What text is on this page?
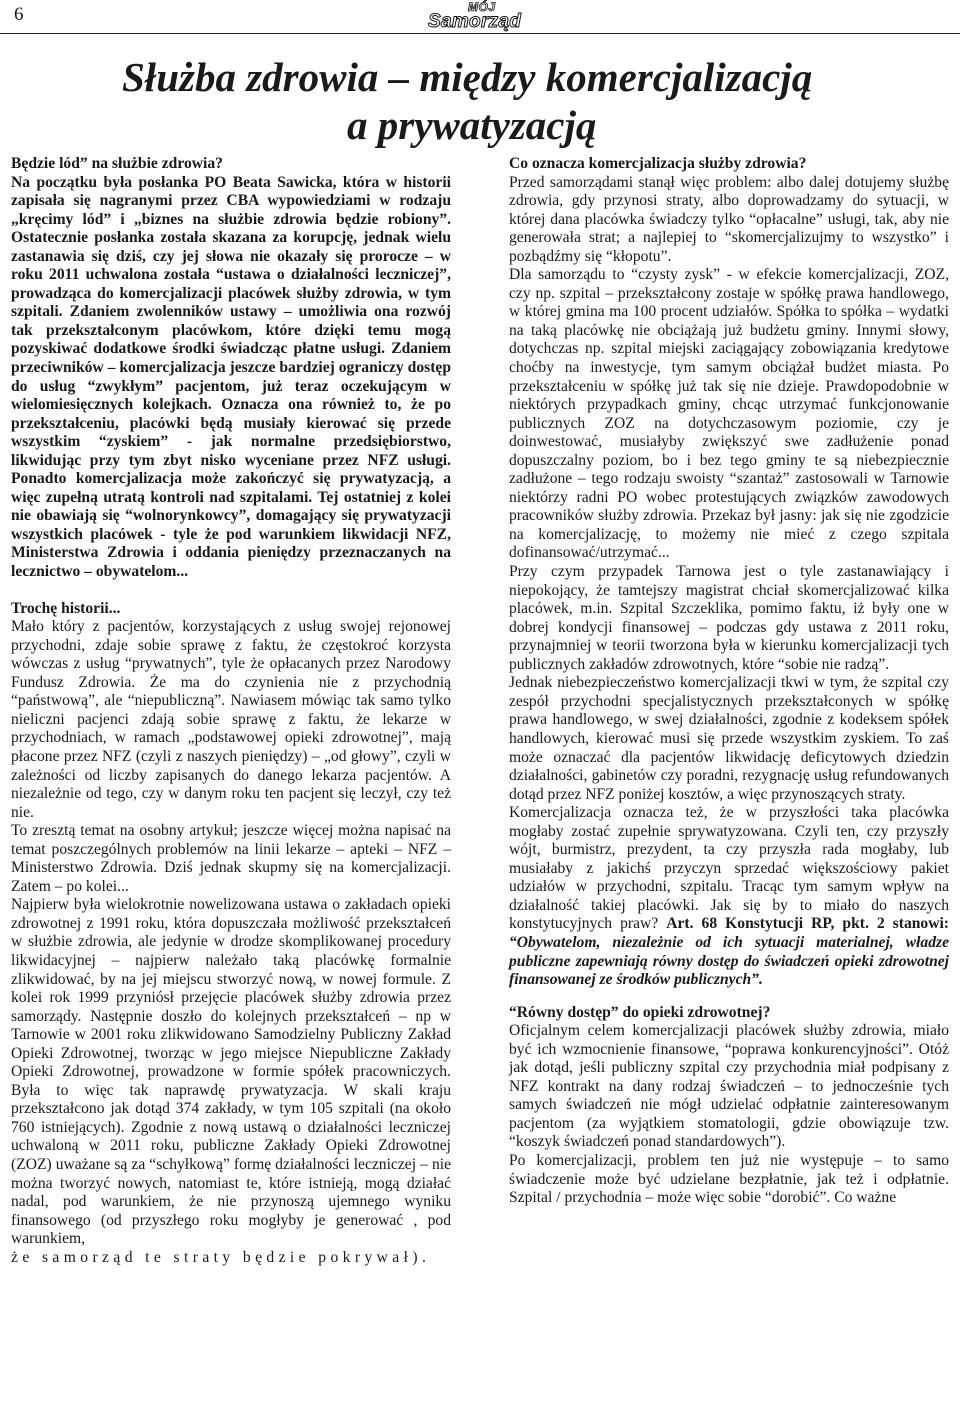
6	MÓJ
Samorząd
Służba zdrowia – między komercjalizacją
a prywatyzacją

Będzie lód” na służbie zdrowia?

Na początku była posłanka PO Beata Sawicka, która w historii zapisała się nagranymi przez CBA wypowiedziami w rodzaju „kręcimy lód” i „biznes na służbie zdrowia będzie robiony”. Ostatecznie posłanka została skazana za korupcję, jednak wielu zastanawia się dziś, czy jej słowa nie okazały się prorocze – w roku 2011 uchwalona została “ustawa o działalności leczniczej”, prowadząca do komercjalizacji placówek służby zdrowia, w tym szpitali. Zdaniem zwolenników ustawy – umożliwia ona rozwój tak przekształconym placówkom, które dzięki temu mogą pozyskiwać dodatkowe środki świadcząc płatne usługi. Zdaniem przeciwników – komercjalizacja jeszcze bardziej ograniczy dostęp do usług “zwykłym” pacjentom, już teraz oczekującym w wielomiesięcznych kolejkach. Oznacza ona również to, że po przekształceniu, placówki będą musiały kierować się przede wszystkim “zyskiem” - jak normalne przedsiębiorstwo, likwidując przy tym zbyt nisko wyceniane przez NFZ usługi. Ponadto komercjalizacja może zakończyć się prywatyzacją, a więc zupełną utratą kontroli nad szpitalami. Tej ostatniej z kolei nie obawiają się “wolnorynkowcy”, domagający się prywatyzacji wszystkich placówek - tyle że pod warunkiem likwidacji NFZ, Ministerstwa Zdrowia i oddania pieniędzy przeznaczanych na lecznictwo – obywatelom...

Trochę historii...

Mało który z pacjentów, korzystających z usług swojej rejonowej przychodni, zdaje sobie sprawę z faktu, że częstokroć korzysta wówczas z usług “prywatnych”, tyle że opłacanych przez Narodowy Fundusz Zdrowia. Że ma do czynienia nie z przychodnią “państwową”, ale “niepubliczną”. Nawiasem mówiąc tak samo tylko nieliczni pacjenci zdają sobie sprawę z faktu, że lekarze w przychodniach, w ramach „podstawowej opieki zdrowotnej”, mają płacone przez NFZ (czyli z naszych pieniędzy) – „od głowy”, czyli w zależności od liczby zapisanych do danego lekarza pacjentów. A niezależnie od tego, czy w danym roku ten pacjent się leczył, czy też nie.

To zresztą temat na osobny artykuł; jeszcze więcej można napisać na temat poszczególnych problemów na linii lekarze – apteki – NFZ – Ministerstwo Zdrowia. Dziś jednak skupmy się na komercjalizacji. Zatem – po kolei...

Najpierw była wielokrotnie nowelizowana ustawa o zakładach opieki zdrowotnej z 1991 roku, która dopuszczała możliwość przekształceń w służbie zdrowia, ale jedynie w drodze skomplikowanej procedury likwidacyjnej – najpierw należało taką placówkę formalnie zlikwidować, by na jej miejscu stworzyć nową, w nowej formule. Z kolei rok 1999 przyniósł przejęcie placówek służby zdrowia przez samorządy. Następnie doszło do kolejnych przekształceń – np w Tarnowie w 2001 roku zlikwidowano Samodzielny Publiczny Zakład Opieki Zdrowotnej, tworząc w jego miejsce Niepubliczne Zakłady Opieki Zdrowotnej, prowadzone w formie spółek pracowniczych. Była to więc tak naprawdę prywatyzacja. W skali kraju przekształcono jak dotąd 374 zakłady, w tym 105 szpitali (na około 760 istniejących). Zgodnie z nową ustawą o działalności leczniczej uchwaloną w 2011 roku, publiczne Zakłady Opieki Zdrowotnej (ZOZ) uważane są za “schyłkową” formę działalności leczniczej – nie można tworzyć nowych, natomiast te, które istnieją, mogą działać nadal, pod warunkiem, że nie przynoszą ujemnego wyniku finansowego (od przyszłego roku mogłyby je generować , pod warunkiem,

że samorząd te straty będzie pokrywał).

Co oznacza komercjalizacja służby zdrowia?

Przed samorządami stanął więc problem: albo dalej dotujemy służbę zdrowia, gdy przynosi straty, albo doprowadzamy do sytuacji, w której dana placówka świadczy tylko “opłacalne” usługi, tak, aby nie generowała strat; a najlepiej to “skomercjalizujmy to wszystko” i pozbądźmy się “kłopotu”.

Dla samorządu to “czysty zysk” - w efekcie komercjalizacji, ZOZ, czy np. szpital – przekształcony zostaje w spółkę prawa handlowego, w której gmina ma 100 procent udziałów. Spółka to spółka – wydatki na taką placówkę nie obciążają już budżetu gminy. Innymi słowy, dotychczas np. szpital miejski zaciągający zobowiązania kredytowe choćby na inwestycje, tym samym obciążał budżet miasta. Po przekształceniu w spółkę już tak się nie dzieje. Prawdopodobnie w niektórych przypadkach gminy, chcąc utrzymać funkcjonowanie publicznych ZOZ na dotychczasowym poziomie, czy je doinwestować, musiałyby zwiększyć swe zadłużenie ponad dopuszczalny poziom, bo i bez tego gminy te są niebezpiecznie zadłużone – tego rodzaju swoisty “szantaż” zastosowali w Tarnowie niektórzy radni PO wobec protestujących związków zawodowych pracowników służby zdrowia. Przekaz był jasny: jak się nie zgodzicie na komercjalizację, to możemy nie mieć z czego szpitala dofinansować/utrzymać...

Przy czym przypadek Tarnowa jest o tyle zastanawiający i niepokojący, że tamtejszy magistrat chciał skomercjalizować kilka placówek, m.in. Szpital Szczeklika, pomimo faktu, iż były one w dobrej kondycji finansowej – podczas gdy ustawa z 2011 roku, przynajmniej w teorii tworzona była w kierunku komercjalizacji tych publicznych zakładów zdrowotnych, które “sobie nie radzą”.

Jednak niebezpieczeństwo komercjalizacji tkwi w tym, że szpital czy zespół przychodni specjalistycznych przekształconych w spółkę prawa handlowego, w swej działalności, zgodnie z kodeksem spółek handlowych, kierować musi się przede wszystkim zyskiem. To zaś może oznaczać dla pacjentów likwidację deficytowych dziedzin działalności, gabinetów czy poradni, rezygnację usług refundowanych dotąd przez NFZ poniżej kosztów, a więc przynoszących straty.

Komercjalizacja oznacza też, że w przyszłości taka placówka mogłaby zostać zupełnie sprywatyzowana. Czyli ten, czy przyszły wójt, burmistrz, prezydent, ta czy przyszła rada mogłaby, lub musiałaby z jakichś przyczyn sprzedać większościowy pakiet udziałów w przychodni, szpitalu. Tracąc tym samym wpływ na działalność takiej placówki. Jak się by to miało do naszych konstytucyjnych praw? Art. 68 Konstytucji RP, pkt. 2 stanowi: “Obywatelom, niezależnie od ich sytuacji materialnej, władze publiczne zapewniają równy dostęp do świadczeń opieki zdrowotnej finansowanej ze środków publicznych”.

“Równy dostęp” do opieki zdrowotnej?

Oficjalnym celem komercjalizacji placówek służby zdrowia, miało być ich wzmocnienie finansowe, “poprawa konkurencyjności”. Otóż jak dotąd, jeśli publiczny szpital czy przychodnia miał podpisany z NFZ kontrakt na dany rodzaj świadczeń – to jednocześnie tych samych świadczeń nie mógł udzielać odpłatnie zainteresowanym pacjentom (za wyjątkiem stomatologii, gdzie obowiązuje tzw. “koszyk świadczeń ponad standardowych”).

Po komercjalizacji, problem ten już nie występuje – to samo świadczenie może być udzielane bezpłatnie, jak też i odpłatnie. Szpital / przychodnia – może więc sobie “dorobić”. Co ważne
